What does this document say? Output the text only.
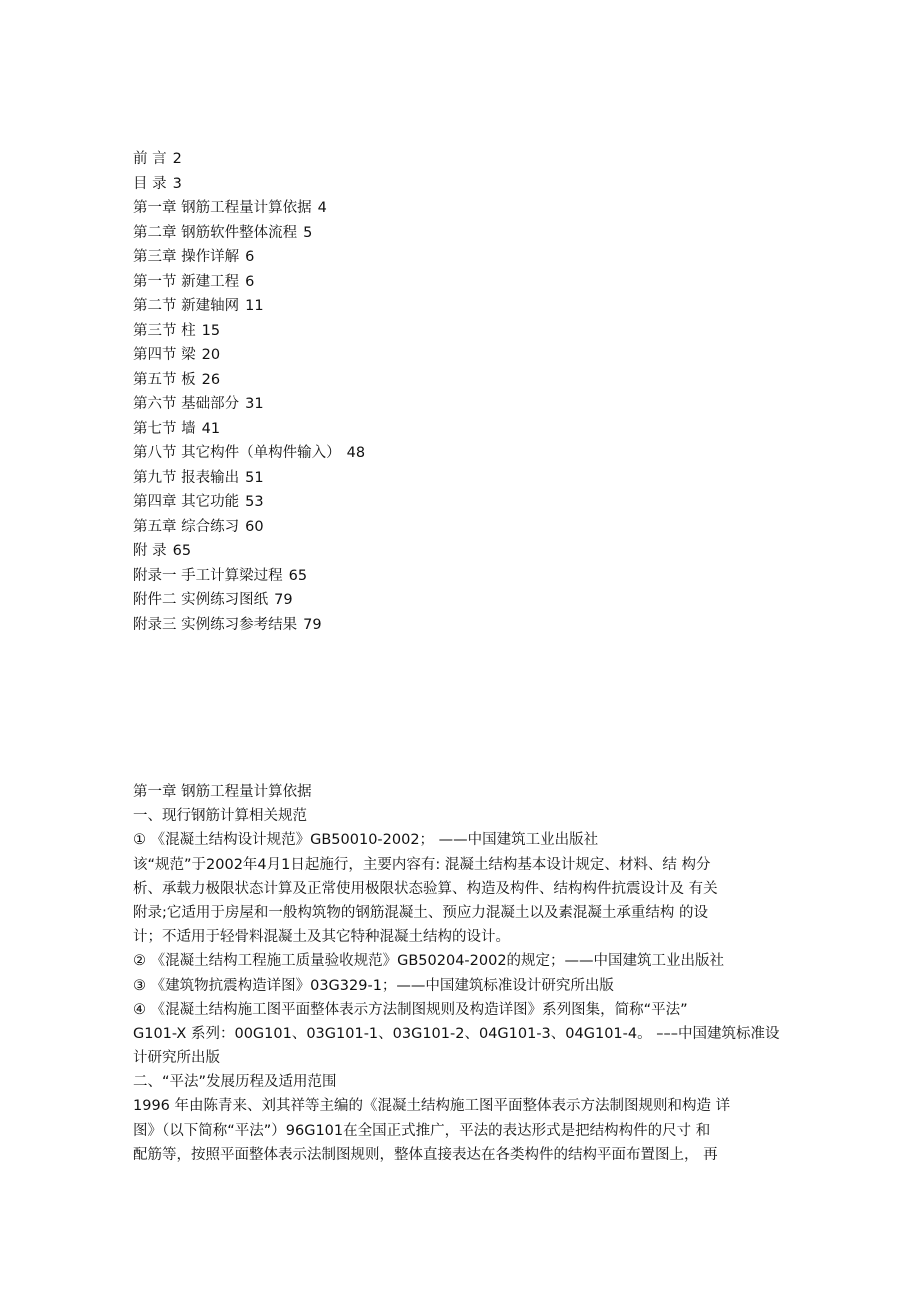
前 言 2
目 录 3
第一章 钢筋工程量计算依据 4
第二章 钢筋软件整体流程 5
第三章 操作详解 6
第一节 新建工程 6
第二节 新建轴网 11
第三节 柱 15
第四节 梁 20
第五节 板 26
第六节 基础部分 31
第七节 墙 41
第八节 其它构件（单构件输入） 48
第九节 报表输出 51
第四章 其它功能 53
第五章 综合练习 60
附 录 65
附录一 手工计算梁过程 65
附件二 实例练习图纸 79
附录三 实例练习参考结果 79
第一章 钢筋工程量计算依据
一、现行钢筋计算相关规范
① 《混凝土结构设计规范》GB50010-2002； ——中国建筑工业出版社
该“规范”于2002年4月1日起施行，主要内容有: 混凝土结构基本设计规定、材料、结 构分
析、承载力极限状态计算及正常使用极限状态验算、构造及构件、结构构件抗震设计及 有关
附录;它适用于房屋和一般构筑物的钢筋混凝土、预应力混凝土以及素混凝土承重结构 的设
计；不适用于轻骨料混凝土及其它特种混凝土结构的设计。
② 《混凝土结构工程施工质量验收规范》GB50204-2002的规定；——中国建筑工业出版社
③ 《建筑物抗震构造详图》03G329-1；——中国建筑标准设计研究所出版
④ 《混凝土结构施工图平面整体表示方法制图规则及构造详图》系列图集，简称“平法”
G101-X 系列：00G101、03G101-1、03G101-2、04G101-3、04G101-4。 –––中国建筑标准设
计研究所出版
二、“平法”发展历程及适用范围
1996 年由陈青来、刘其祥等主编的《混凝土结构施工图平面整体表示方法制图规则和构造 详
图》（以下简称“平法”）96G101在全国正式推广，平法的表达形式是把结构构件的尺寸 和
配筋等，按照平面整体表示法制图规则，整体直接表达在各类构件的结构平面布置图上， 再
